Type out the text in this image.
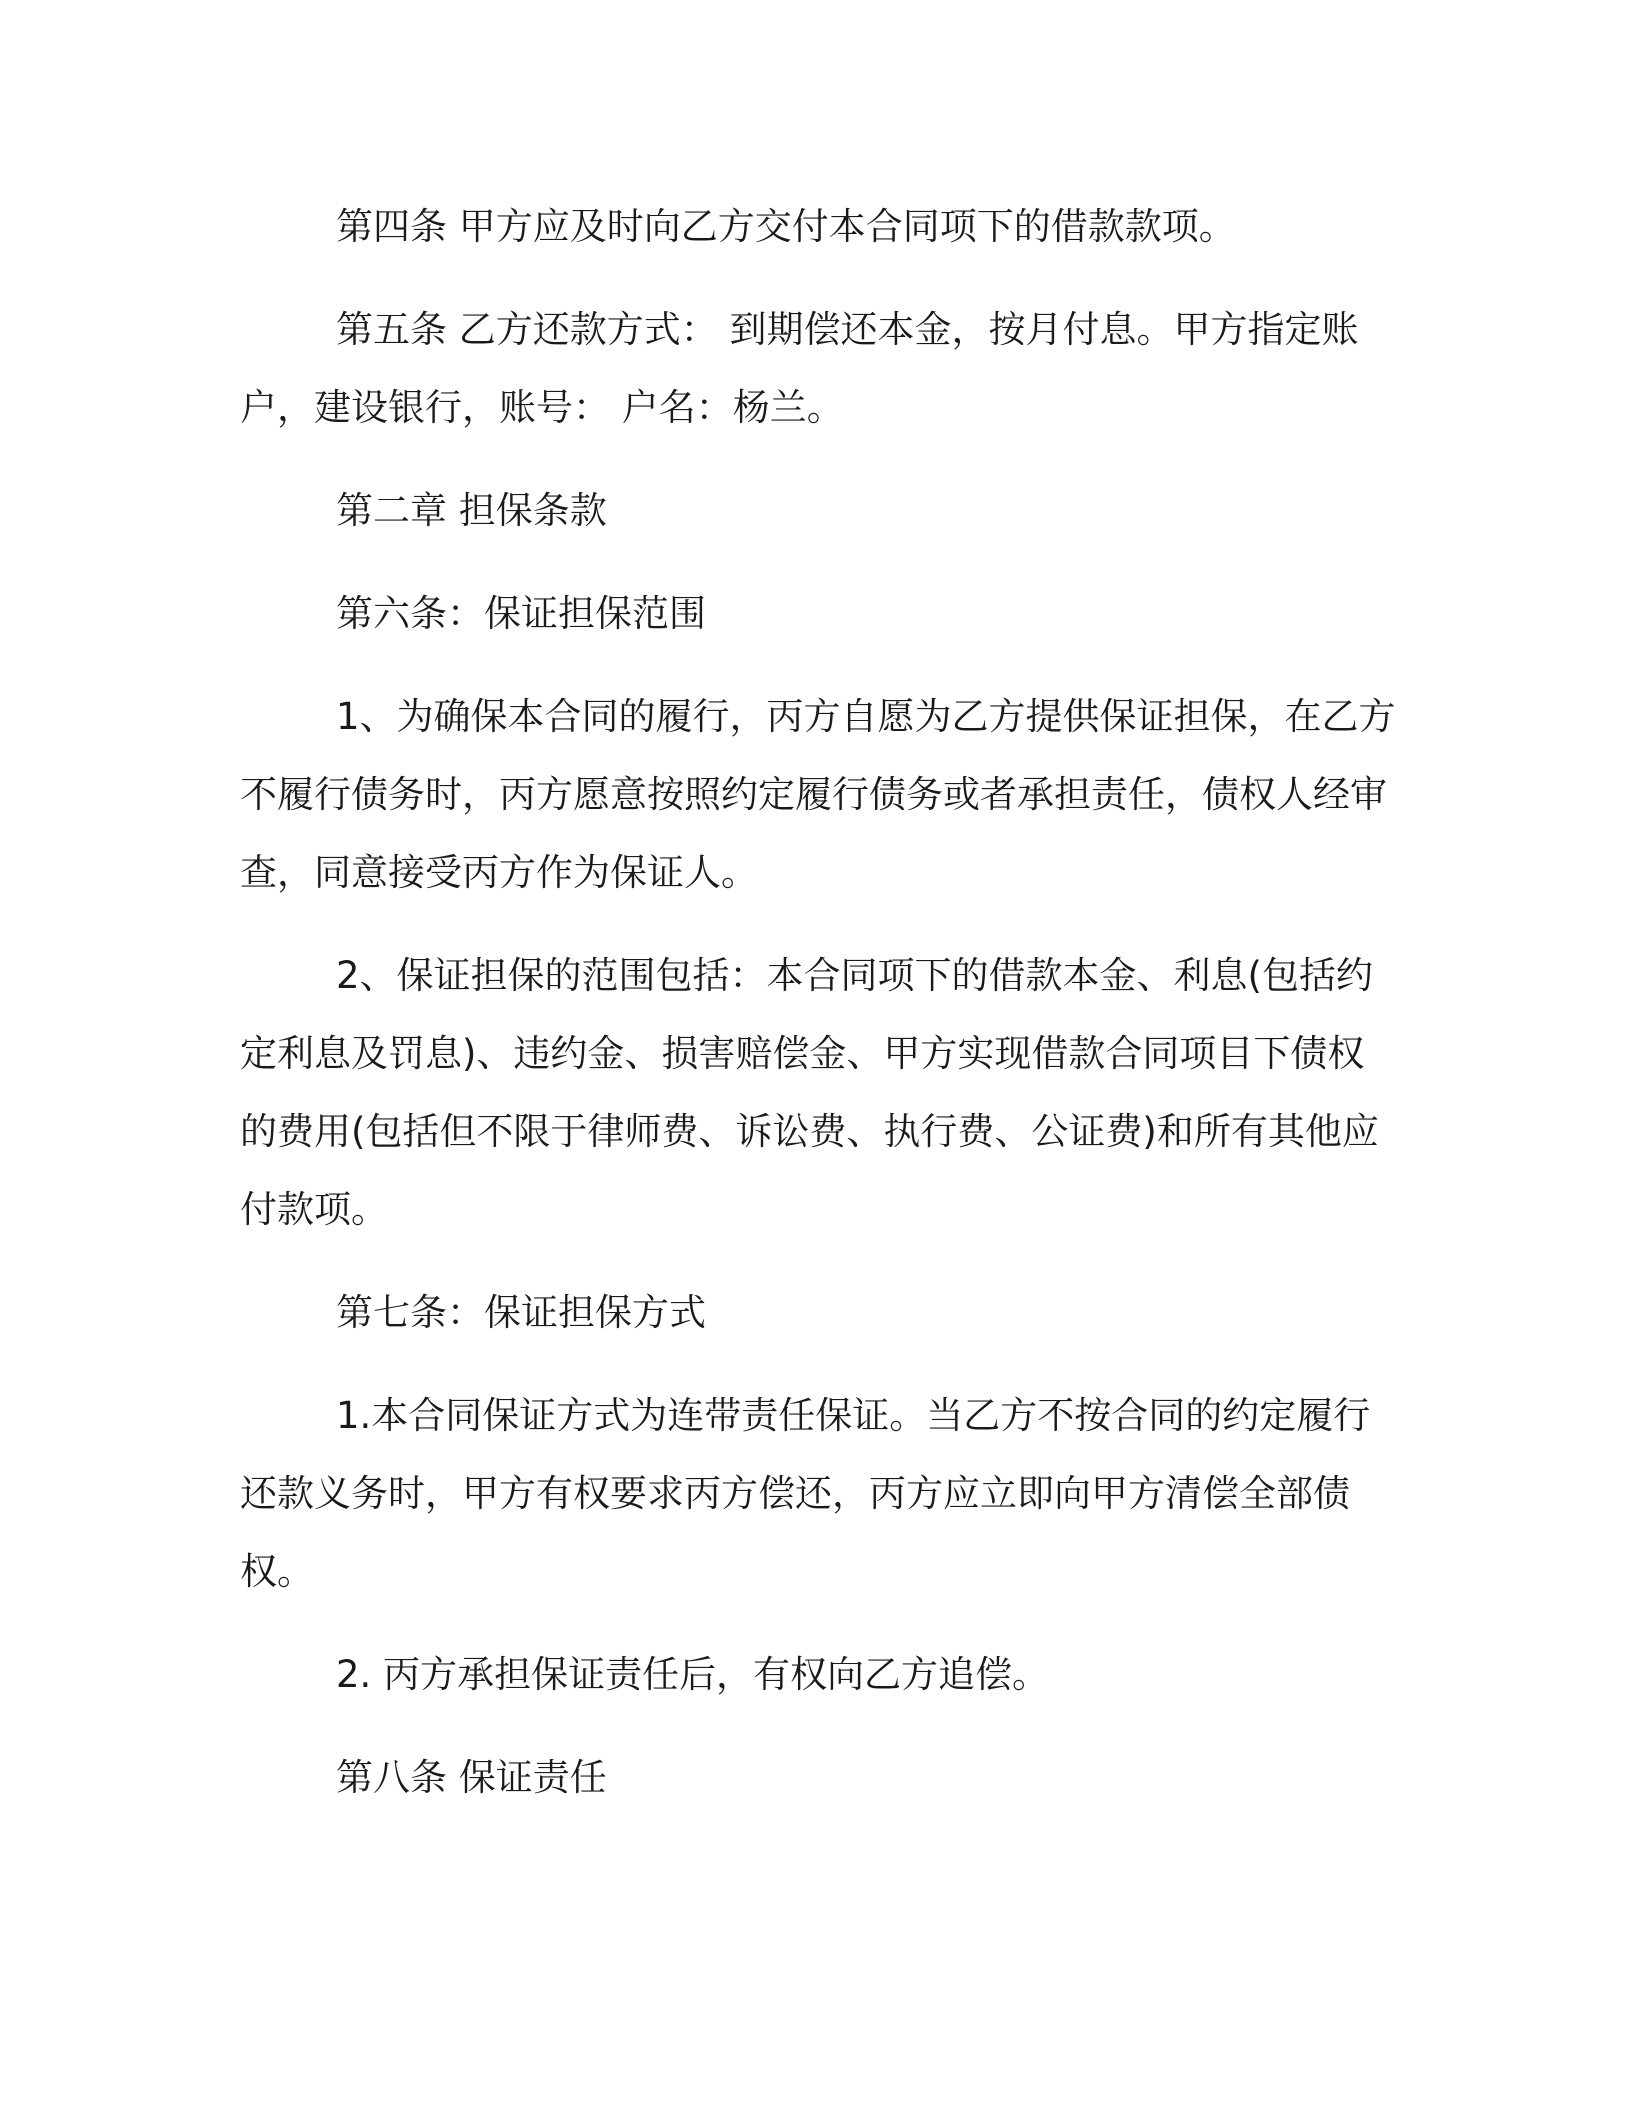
第四条 甲方应及时向乙方交付本合同项下的借款款项。

第五条 乙方还款方式： 到期偿还本金，按月付息。甲方指定账户，建设银行，账号： 户名：杨兰。

第二章 担保条款

第六条：保证担保范围

1、为确保本合同的履行，丙方自愿为乙方提供保证担保，在乙方不履行债务时，丙方愿意按照约定履行债务或者承担责任，债权人经审查，同意接受丙方作为保证人。

2、保证担保的范围包括：本合同项下的借款本金、利息(包括约定利息及罚息)、违约金、损害赔偿金、甲方实现借款合同项目下债权的费用(包括但不限于律师费、诉讼费、执行费、公证费)和所有其他应付款项。

第七条：保证担保方式

1.本合同保证方式为连带责任保证。当乙方不按合同的约定履行还款义务时，甲方有权要求丙方偿还，丙方应立即向甲方清偿全部债权。

2. 丙方承担保证责任后，有权向乙方追偿。

第八条 保证责任
